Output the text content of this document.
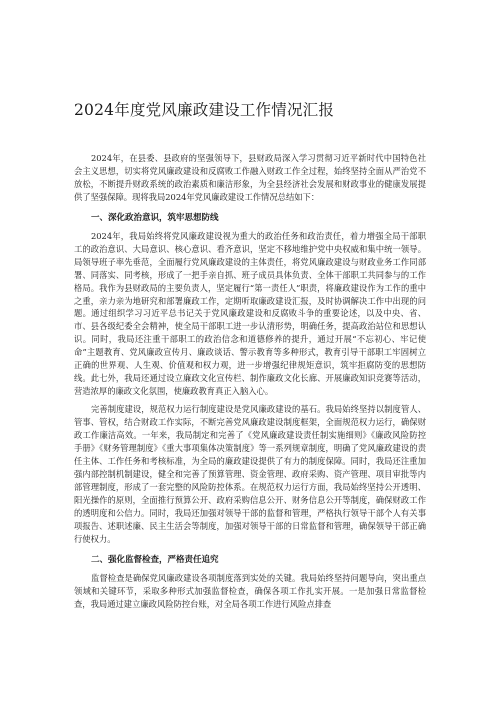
2024年度党风廉政建设工作情况汇报

2024年，在县委、县政府的坚强领导下，县财政局深入学习贯彻习近平新时代中国特色社会主义思想，切实将党风廉政建设和反腐败工作融入财政工作全过程，始终坚持全面从严治党不放松，不断提升财政系统的政治素质和廉洁形象，为全县经济社会发展和财政事业的健康发展提供了坚强保障。现将我局2024年党风廉政建设工作情况总结如下：

一、深化政治意识，筑牢思想防线

2024年，我局始终将党风廉政建设视为重大的政治任务和政治责任，着力增强全局干部职工的政治意识、大局意识、核心意识、看齐意识，坚定不移地维护党中央权威和集中统一领导。局领导班子率先垂范，全面履行党风廉政建设的主体责任，将党风廉政建设与财政业务工作同部署、同落实、同考核，形成了一把手亲自抓、班子成员具体负责、全体干部职工共同参与的工作格局。我作为县财政局的主要负责人，坚定履行“第一责任人”职责，将廉政建设作为工作的重中之重，亲力亲为地研究和部署廉政工作，定期听取廉政建设汇报，及时协调解决工作中出现的问题。通过组织学习习近平总书记关于党风廉政建设和反腐败斗争的重要论述，以及中央、省、市、县各级纪委全会精神，使全局干部职工进一步认清形势，明确任务，提高政治站位和思想认识。同时，我局还注重干部职工的政治信念和道德修养的提升，通过开展“不忘初心、牢记使命”主题教育、党风廉政宣传月、廉政谈话、警示教育等多种形式，教育引导干部职工牢固树立正确的世界观、人生观、价值观和权力观，进一步增强纪律规矩意识，筑牢拒腐防变的思想防线。此七外，我局还通过设立廉政文化宣传栏、制作廉政文化长廊、开展廉政知识竞赛等活动，营造浓厚的廉政文化氛围，使廉政教育真正入脑入心。

完善制度建设，规范权力运行制度建设是党风廉政建设的基石。我局始终坚持以制度管人、管事、管权，结合财政工作实际，不断完善党风廉政建设制度框架，全面规范权力运行，确保财政工作廉洁高效。一年来，我局制定和完善了《党风廉政建设责任制实施细则》《廉政风险防控手册》《财务管理制度》《重大事项集体决策制度》等一系列规章制度，明确了党风廉政建设的责任主体、工作任务和考核标准，为全局的廉政建设提供了有力的制度保障。同时，我局还注重加强内部控制机制建设，健全和完善了预算管理、资金管理、政府采购、资产管理、项目审批等内部管理制度，形成了一套完整的风险防控体系。在规范权力运行方面，我局始终坚持公开透明、阳光操作的原则，全面推行预算公开、政府采购信息公开、财务信息公开等制度，确保财政工作的透明度和公信力。同时，我局还加强对领导干部的监督和管理，严格执行领导干部个人有关事项报告、述职述廉、民主生活会等制度，加强对领导干部的日常监督和管理，确保领导干部正确行使权力。

二、强化监督检查，严格责任追究

监督检查是确保党风廉政建设各项制度落到实处的关键。我局始终坚持问题导向，突出重点领域和关键环节，采取多种形式加强监督检查，确保各项工作扎实开展。一是加强日常监督检查，我局通过建立廉政风险防控台账，对全局各项工作进行风险点排查
